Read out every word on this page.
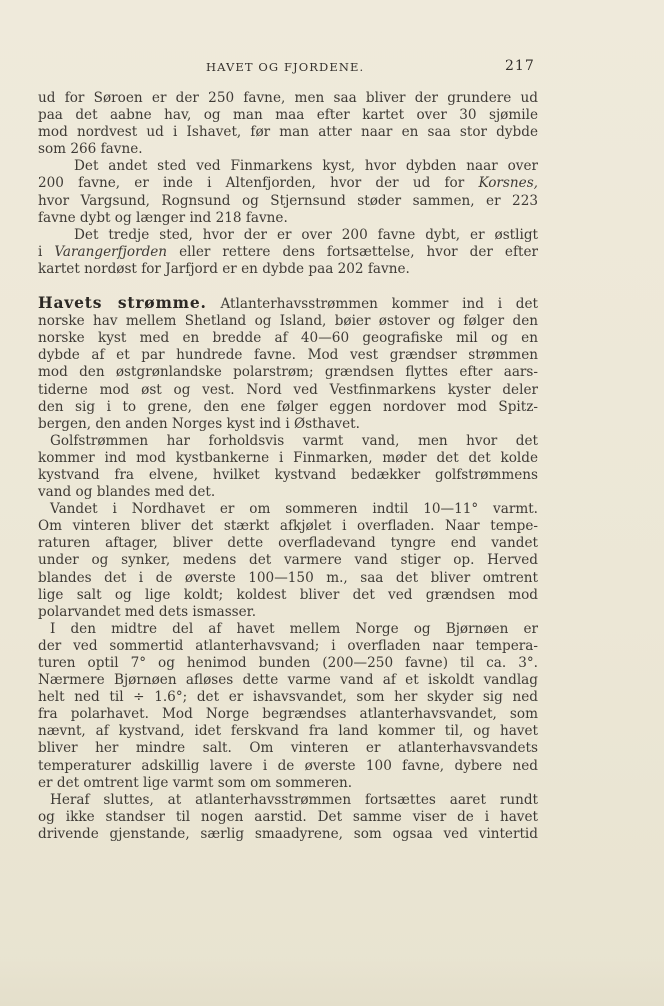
HAVET OG FJORDENE.	217
ud for Søroen er der 250 favne, men saa bliver der grundere ud
paa det aabne hav, og man maa efter kartet over 30 sjømile
mod nordvest ud i Ishavet, før man atter naar en saa stor dybde
som 266 favne.
Det andet sted ved Finmarkens kyst, hvor dybden naar over
200 favne, er inde i Altenfjorden, hvor der ud for Korsnes,
hvor Vargsund, Rognsund og Stjernsund støder sammen, er 223
favne dybt og længer ind 218 favne.
Det tredje sted, hvor der er over 200 favne dybt, er østligt
i Varangerfjorden eller rettere dens fortsættelse, hvor der efter
kartet nordøst for Jarfjord er en dybde paa 202 favne.
Havets strømme. Atlanterhavsstrømmen kommer ind i det
norske hav mellem Shetland og Island, bøier østover og følger den
norske kyst med en bredde af 40—60 geografiske mil og en
dybde af et par hundrede favne. Mod vest grændser strømmen
mod den østgrønlandske polarstrøm; grændsen flyttes efter aars-
tiderne mod øst og vest. Nord ved Vestfinmarkens kyster deler
den sig i to grene, den ene følger eggen nordover mod Spitz-
bergen, den anden Norges kyst ind i Østhavet.
Golfstrømmen har forholdsvis varmt vand, men hvor det
kommer ind mod kystbankerne i Finmarken, møder det det kolde
kystvand fra elvene, hvilket kystvand bedækker golfstrømmens
vand og blandes med det.
Vandet i Nordhavet er om sommeren indtil 10—11° varmt.
Om vinteren bliver det stærkt afkjølet i overfladen. Naar tempe-
raturen aftager, bliver dette overfladevand tyngre end vandet
under og synker, medens det varmere vand stiger op. Herved
blandes det i de øverste 100—150 m., saa det bliver omtrent
lige salt og lige koldt; koldest bliver det ved grændsen mod
polarvandet med dets ismasser.
I den midtre del af havet mellem Norge og Bjørnøen er
der ved sommertid atlanterhavsvand; i overfladen naar tempera-
turen optil 7° og henimod bunden (200—250 favne) til ca. 3°.
Nærmere Bjørnøen afløses dette varme vand af et iskoldt vandlag
helt ned til ÷ 1.6°; det er ishavsvandet, som her skyder sig ned
fra polarhavet. Mod Norge begrændses atlanterhavsvandet, som
nævnt, af kystvand, idet ferskvand fra land kommer til, og havet
bliver her mindre salt. Om vinteren er atlanterhavsvandets
temperaturer adskillig lavere i de øverste 100 favne, dybere ned
er det omtrent lige varmt som om sommeren.
Heraf sluttes, at atlanterhavsstrømmen fortsættes aaret rundt
og ikke standser til nogen aarstid. Det samme viser de i havet
drivende gjenstande, særlig smaadyrene, som ogsaa ved vintertid
